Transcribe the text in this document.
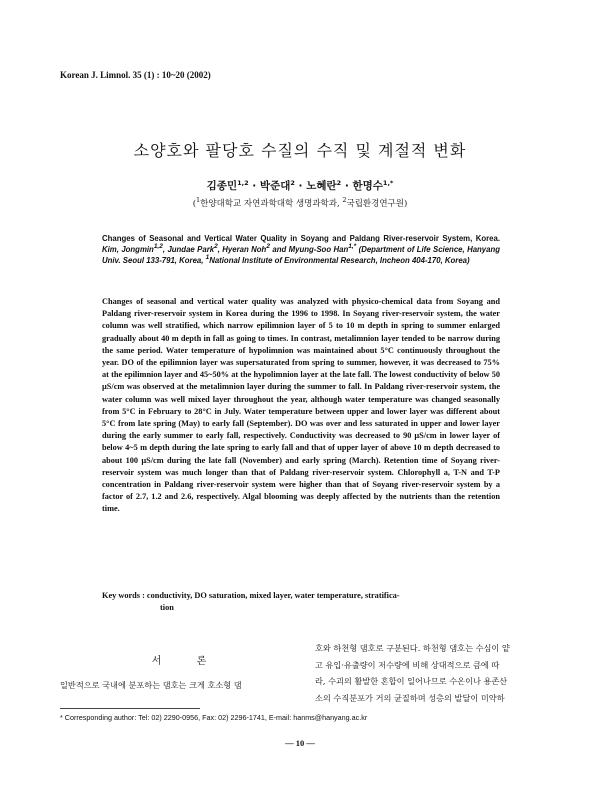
Korean J. Limnol. 35 (1) : 10~20 (2002)
소양호와 팔당호 수질의 수직 및 계절적 변화
김종민$^{1,2}$ · 박준대$^2$ · 노혜란$^2$ · 한명수$^{1,*}$
($^1$한양대학교 자연과학대학 생명과학과, $^2$국립환경연구원)
Changes of Seasonal and Vertical Water Quality in Soyang and Paldang River-reservoir System, Korea. Kim, Jongmin$^{1,2}$, Jundae Park$^2$, Hyeran Noh$^2$ and Myung-Soo Han$^{1,*}$ (Department of Life Science, Hanyang Univ. Seoul 133-791, Korea, $^1$National Institute of Environmental Research, Incheon 404-170, Korea)
Changes of seasonal and vertical water quality was analyzed with physico-chemical data from Soyang and Paldang river-reservoir system in Korea during the 1996 to 1998. In Soyang river-reservoir system, the water column was well stratified, which narrow epilimnion layer of 5 to 10 m depth in spring to summer enlarged gradually about 40 m depth in fall as going to times. In contrast, metalimnion layer tended to be narrow during the same period. Water temperature of hypolimnion was maintained about 5°C continuously throughout the year. DO of the epilimnion layer was supersaturated from spring to summer, however, it was decreased to 75% at the epilimnion layer and 45~50% at the hypolimnion layer at the late fall. The lowest conductivity of below 50 µS/cm was observed at the metalimnion layer during the summer to fall. In Paldang river-reservoir system, the water column was well mixed layer throughout the year, although water temperature was changed seasonally from 5°C in February to 28°C in July. Water temperature between upper and lower layer was different about 5°C from late spring (May) to early fall (September). DO was over and less saturated in upper and lower layer during the early summer to early fall, respectively. Conductivity was decreased to 90 µS/cm in lower layer of below 4~5 m depth during the late spring to early fall and that of upper layer of above 10 m depth decreased to about 100 µS/cm during the late fall (November) and early spring (March). Retention time of Soyang river-reservoir system was much longer than that of Paldang river-reservoir system. Chlorophyll a, T-N and T-P concentration in Paldang river-reservoir system were higher than that of Soyang river-reservoir system by a factor of 2.7, 1.2 and 2.6, respectively. Algal blooming was deeply affected by the nutrients than the retention time.
Key words : conductivity, DO saturation, mixed layer, water temperature, stratifica-
tion
서 론

일반적으로 국내에 분포하는 댐호는 크게 호소형 댐

호와 하천형 댐호로 구분된다. 하천형 댐호는 수심이 얕

고 유입·유출량이 저수량에 비해 상대적으로 큼에 따

라, 수괴의 활발한 혼합이 일어나므로 수온이나 용존산

소의 수직분포가 거의 균질하며 성층의 발달이 미약하

* Corresponding author: Tel: 02) 2290-0956, Fax: 02) 2296-1741, E-mail: hanms@hanyang.ac.kr
— 10 —
